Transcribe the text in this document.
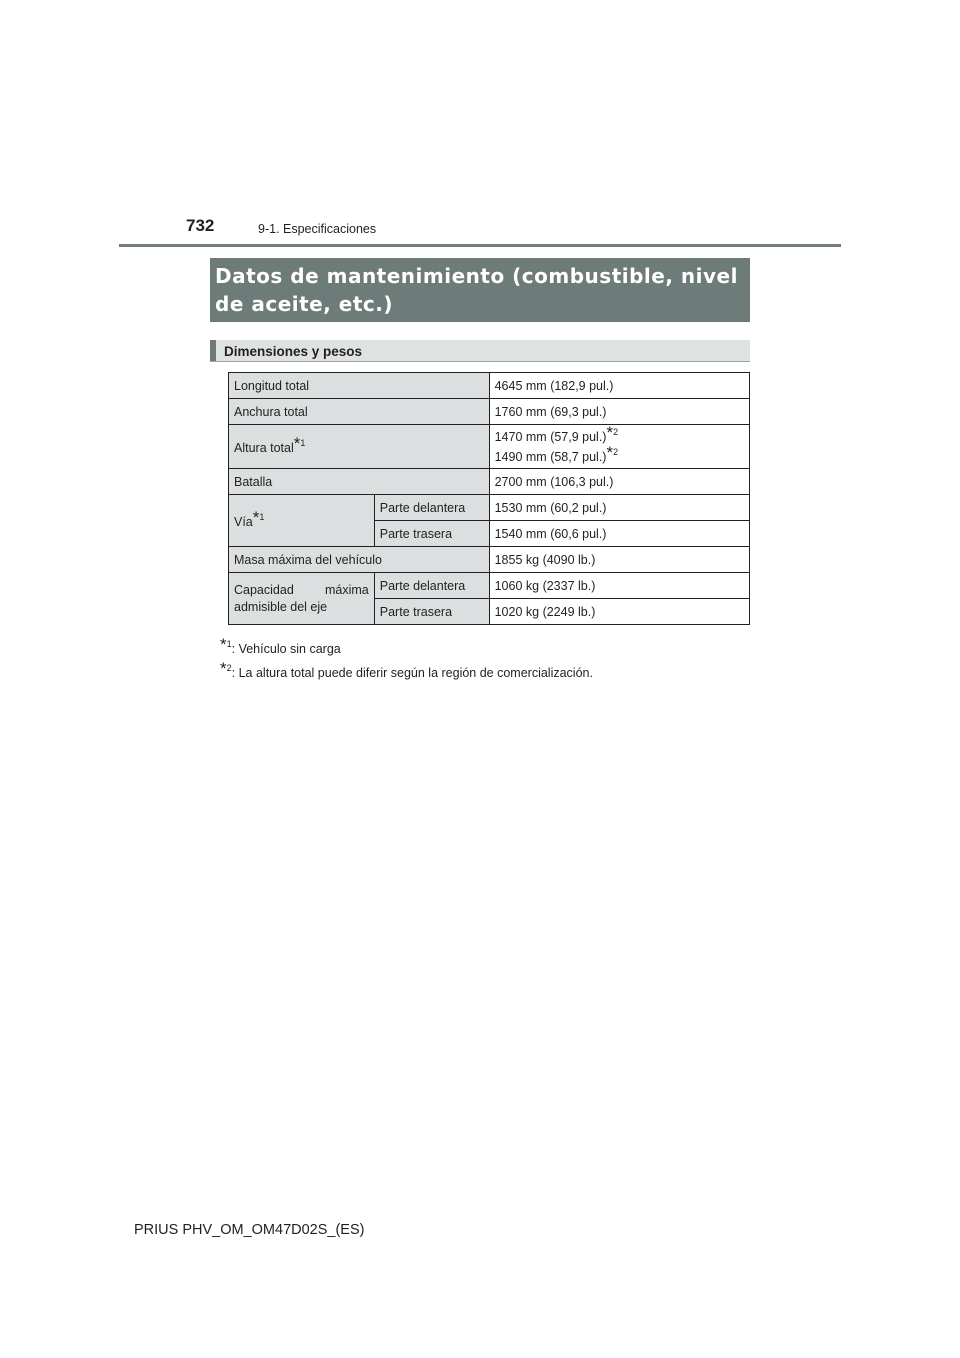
732	9-1. Especificaciones
Datos de mantenimiento (combustible, nivel
de aceite, etc.)
Dimensiones y pesos
Longitud total		4645 mm (182,9 pul.)
Anchura total		1760 mm (69,3 pul.)
Altura total*$^1$		1470 mm (57,9 pul.)*$^2$
1490 mm (58,7 pul.)*$^2$

Batalla		2700 mm (106,3 pul.)
Vía*$^1$	Parte delantera	1530 mm (60,2 pul.)
	Parte trasera	1540 mm (60,6 pul.)
Masa máxima del vehículo		1855 kg (4090 lb.)

Capacidad máxima
admisible del eje	Parte delantera	1060 kg (2337 lb.)
	Parte trasera	1020 kg (2249 lb.)
*$^1$: Vehículo sin carga
*$^2$: La altura total puede diferir según la región de comercialización.
PRIUS PHV_OM_OM47D02S_(ES)
